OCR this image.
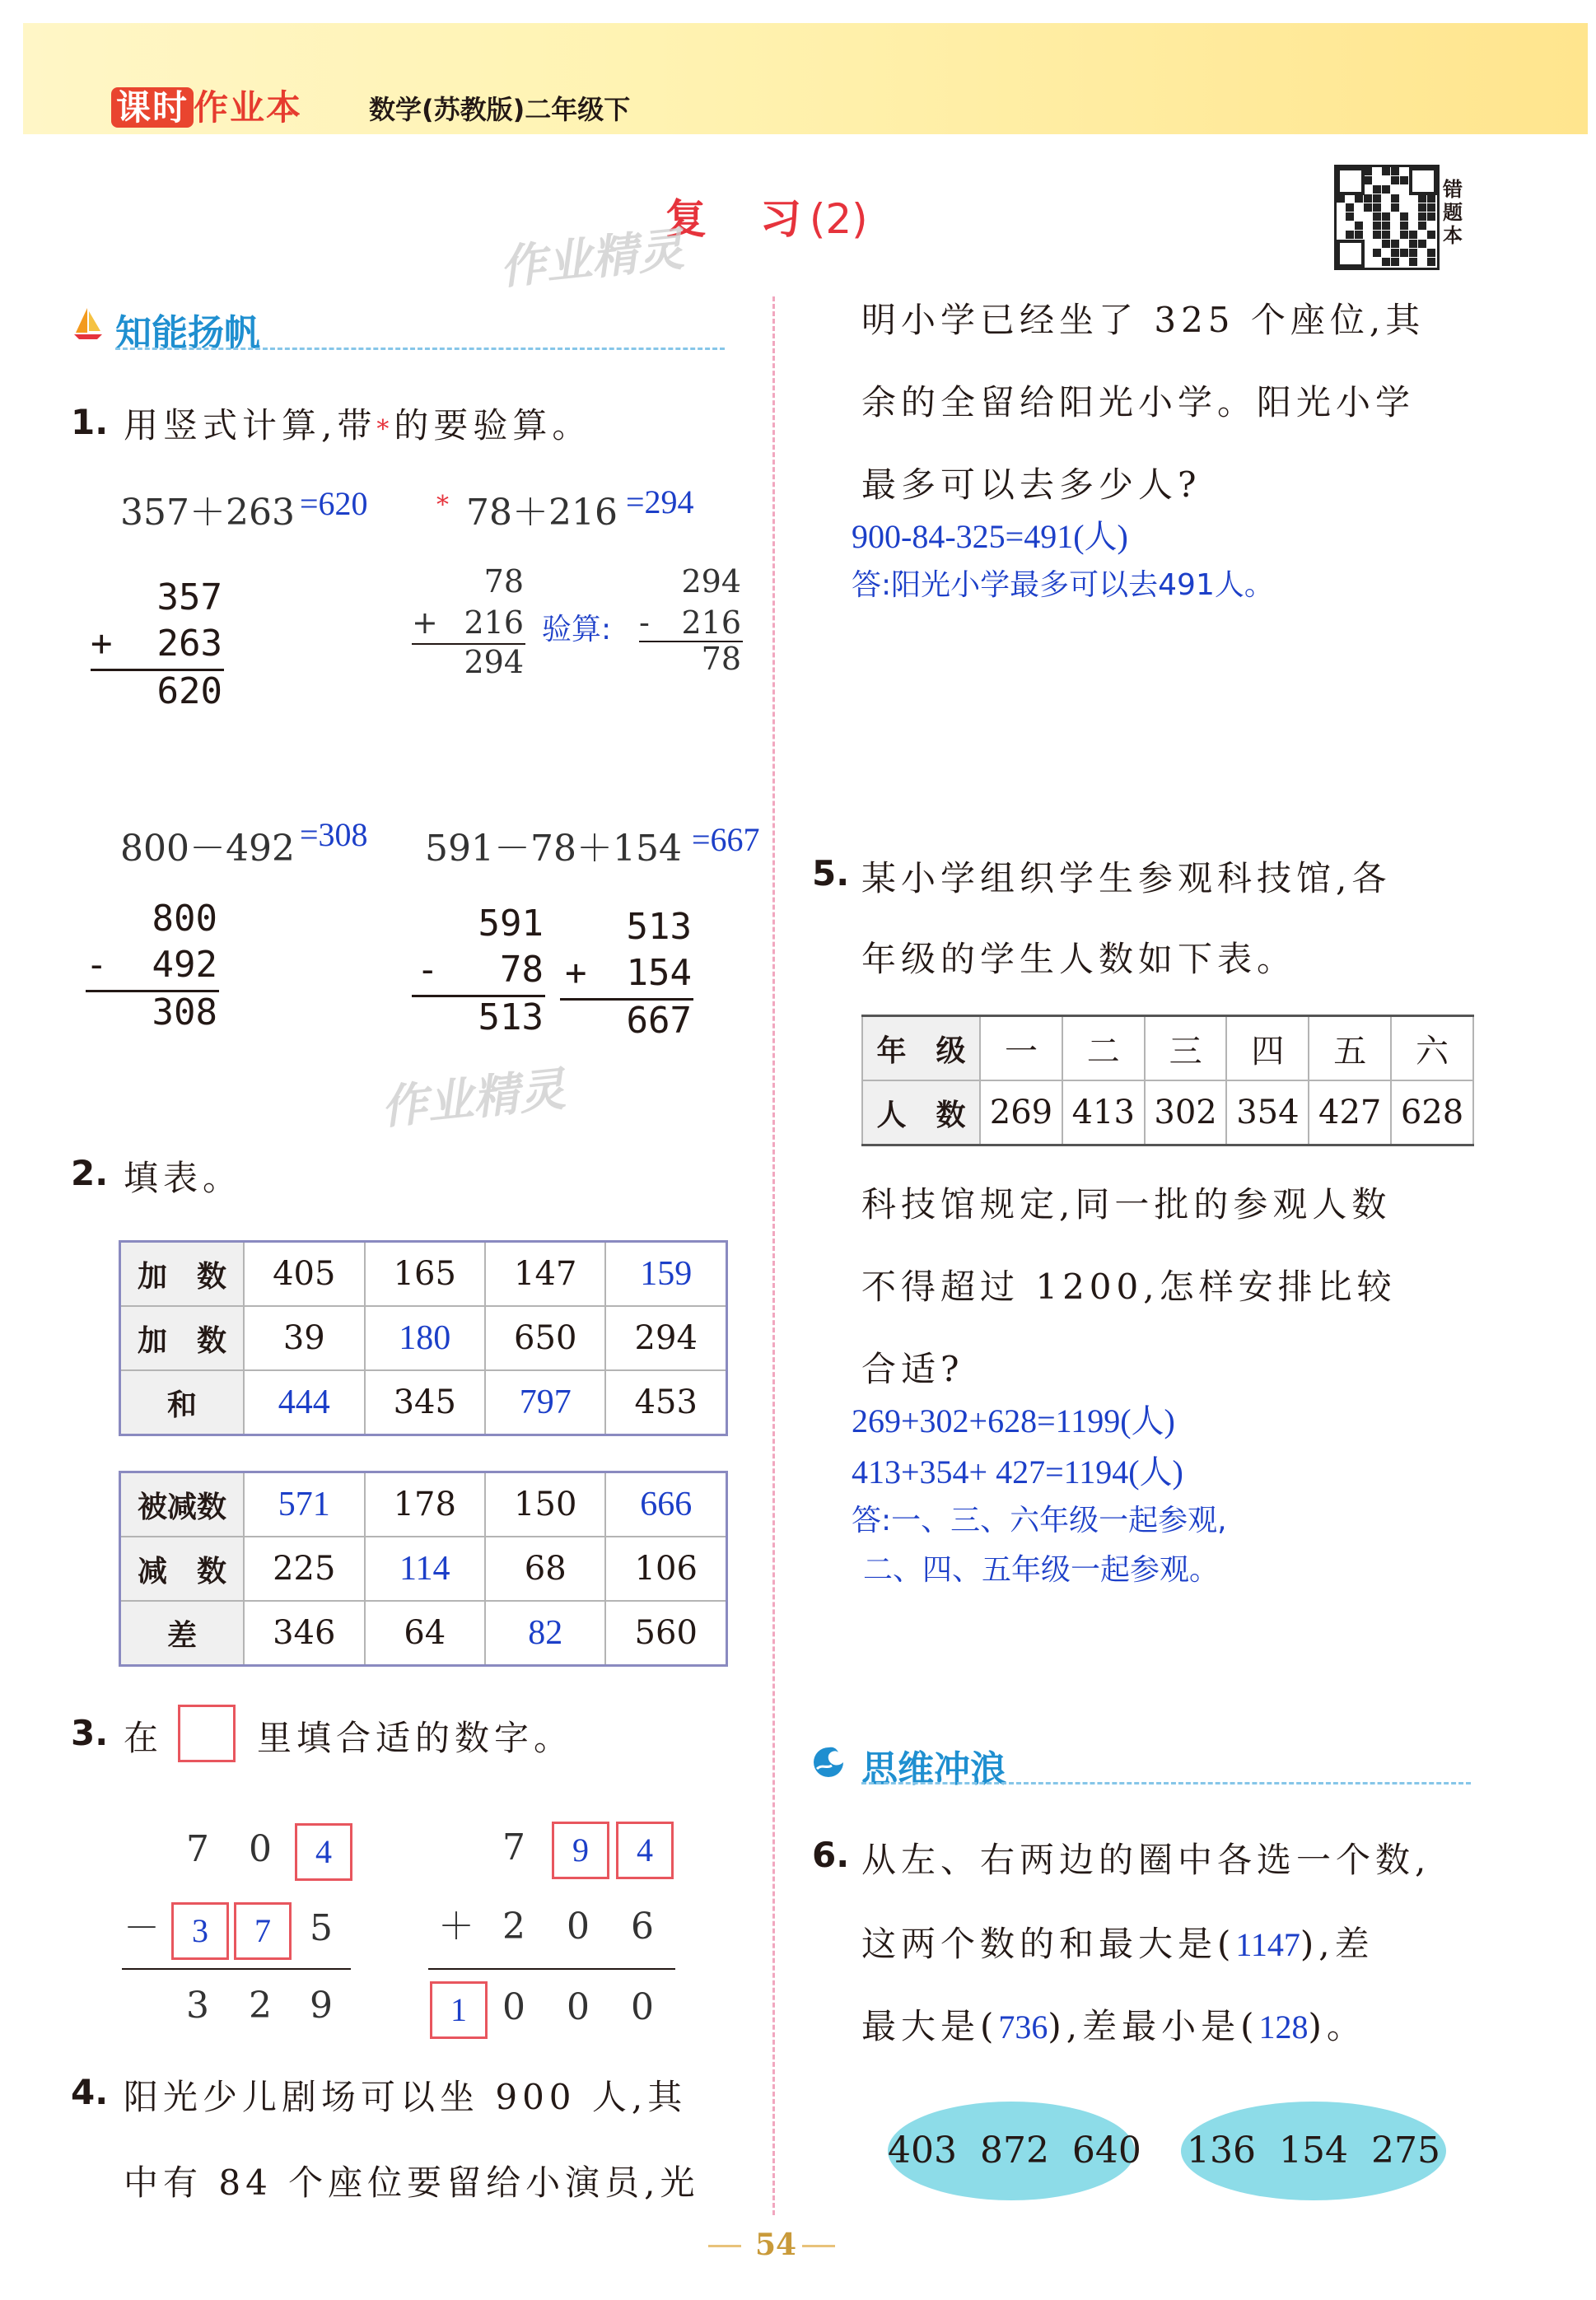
课时 作业本	数学(苏教版)二年级下
复  习(2)
作业精灵
作业精灵
错题本
知能扬帆
1. 用竖式计算,带*的要验算。
357＋263 =620
357
+	263
620
* 78＋216 =294
78
+ 216
294
验算:
294
-	216
78
800－492 =308
800
-	492
308
591－78＋154 =667
591
-	78
513
513
+	154
667
2. 填表。
加　数	405	165	147	159
加　数	39	180	650	294
和	444	345	797	453
被减数	571	178	150	666
减　数	225	114	68	106
差	346	64	82	560
3. 在	里填合适的数字。
7	0	4
－ 3	7	5
3	2	9
7	9	4
＋ 2	0	6
1 0	0	0
4. 阳光少儿剧场可以坐 900 人,其
中有 84 个座位要留给小演员,光
明小学已经坐了 325 个座位,其
余的全留给阳光小学。阳光小学
最多可以去多少人?
900-84-325=491(人)
答:阳光小学最多可以去491人。
5. 某小学组织学生参观科技馆,各
年级的学生人数如下表。
年　级	一	二	三	四	五	六
人　数	269	413	302	354	427	628
科技馆规定,同一批的参观人数
不得超过 1200,怎样安排比较
合适?
269+302+628=1199(人)
413+354+ 427=1194(人)
答:一、三、六年级一起参观,
二、四、五年级一起参观。
思维冲浪
6. 从左、右两边的圈中各选一个数,
这两个数的和最大是(1147),差
最大是(736),差最小是(128)。
403  872  640 136  154  275
54
